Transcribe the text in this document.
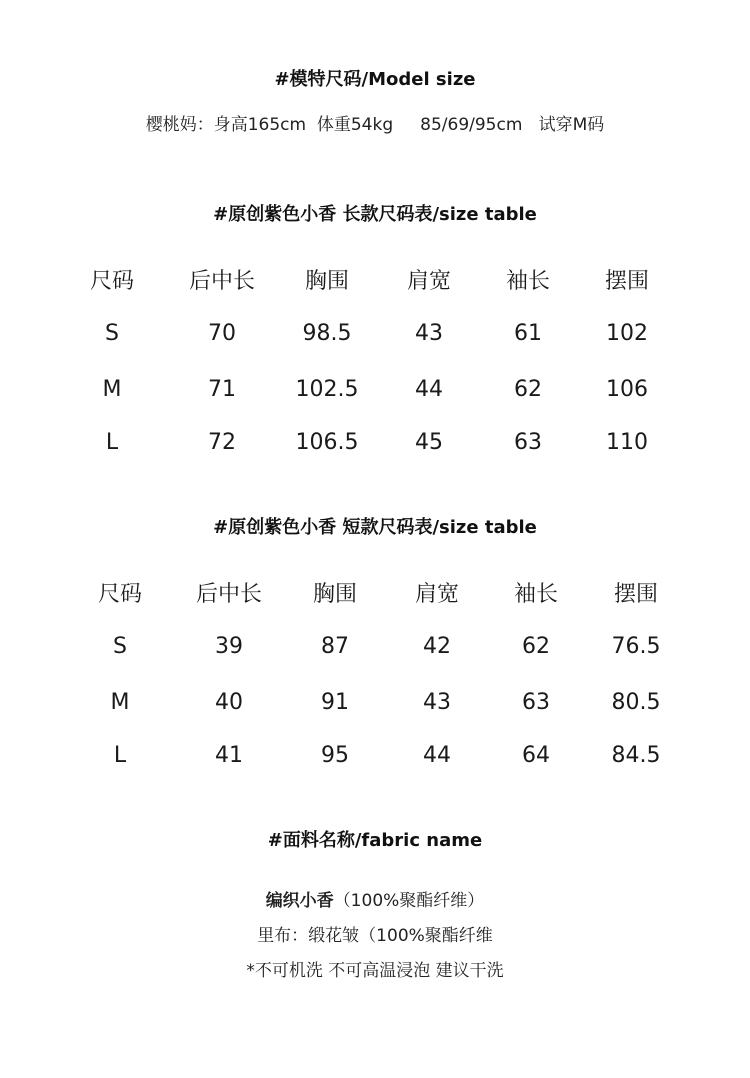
#模特尺码/Model size
樱桃妈：身高165cm  体重54kg     85/69/95cm   试穿M码
#原创紫色小香 长款尺码表/size table
尺码	后中长	胸围	肩宽	袖长	摆围
S	70	98.5	43	61	102
M	71	102.5	44	62	106
L	72	106.5	45	63	110
#原创紫色小香 短款尺码表/size table
尺码	后中长	胸围	肩宽	袖长	摆围
S	39	87	42	62	76.5
M	40	91	43	63	80.5
L	41	95	44	64	84.5
#面料名称/fabric name
编织小香（100%聚酯纤维）
里布：缎花皱（100%聚酯纤维
*不可机洗 不可高温浸泡 建议干洗
